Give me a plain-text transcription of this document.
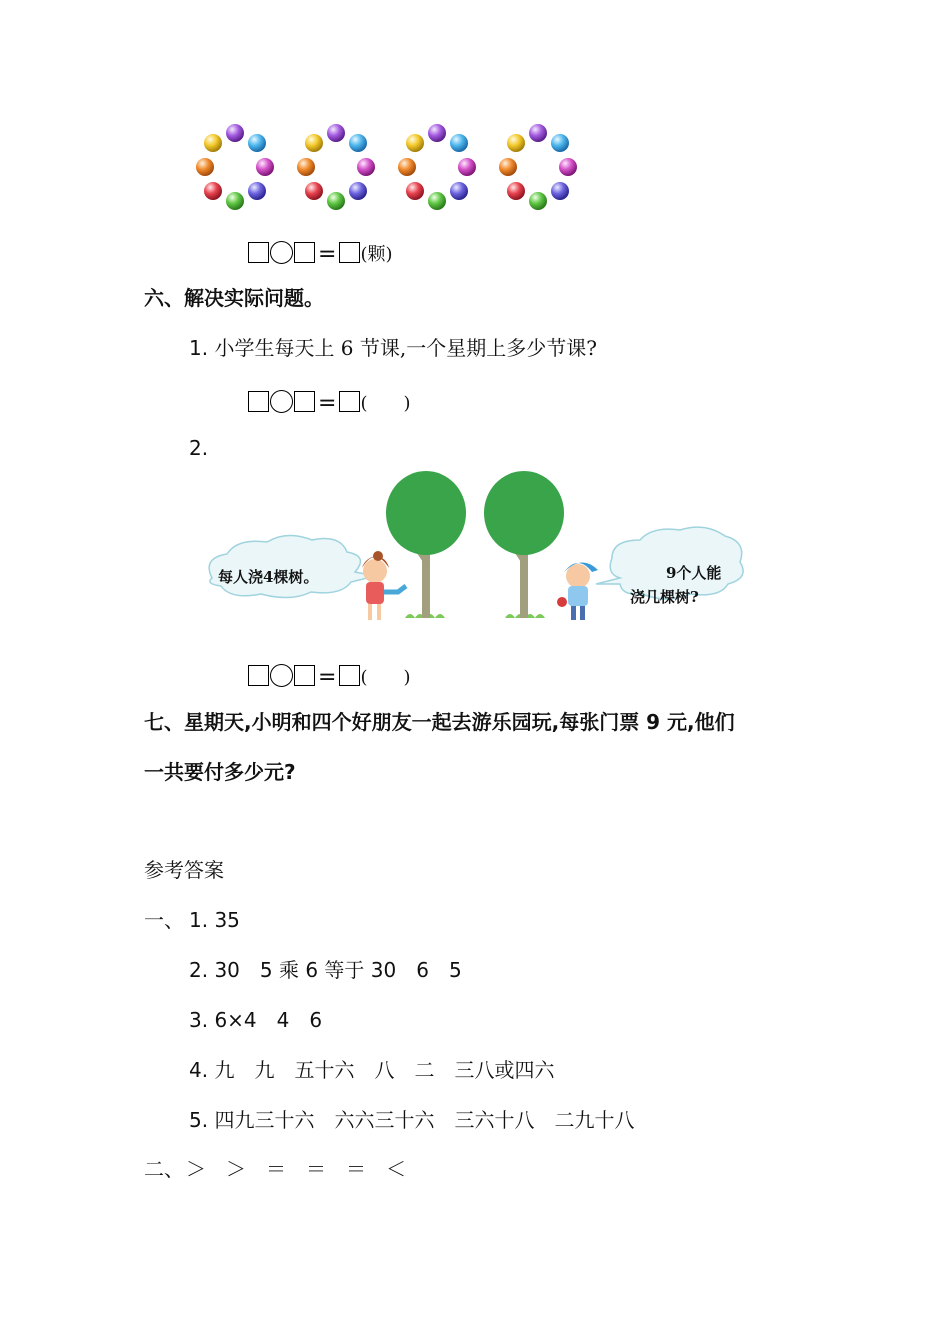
= (颗)
六、解决实际问题。
1. 小学生每天上 6 节课,一个星期上多少节课?
= (　　)
2.
每人浇4棵树。	9个人能
浇几棵树?
= (　　)
七、星期天,小明和四个好朋友一起去游乐园玩,每张门票 9 元,他们
一共要付多少元?
参考答案
一、 1. 35
2. 30　5 乘 6 等于 30　6　5
3. 6×4　4　6
4. 九　九　五十六　八　二　三八或四六
5. 四九三十六　六六三十六　三六十八　二九十八
二、 ＞　＞　＝　＝　＝　＜
